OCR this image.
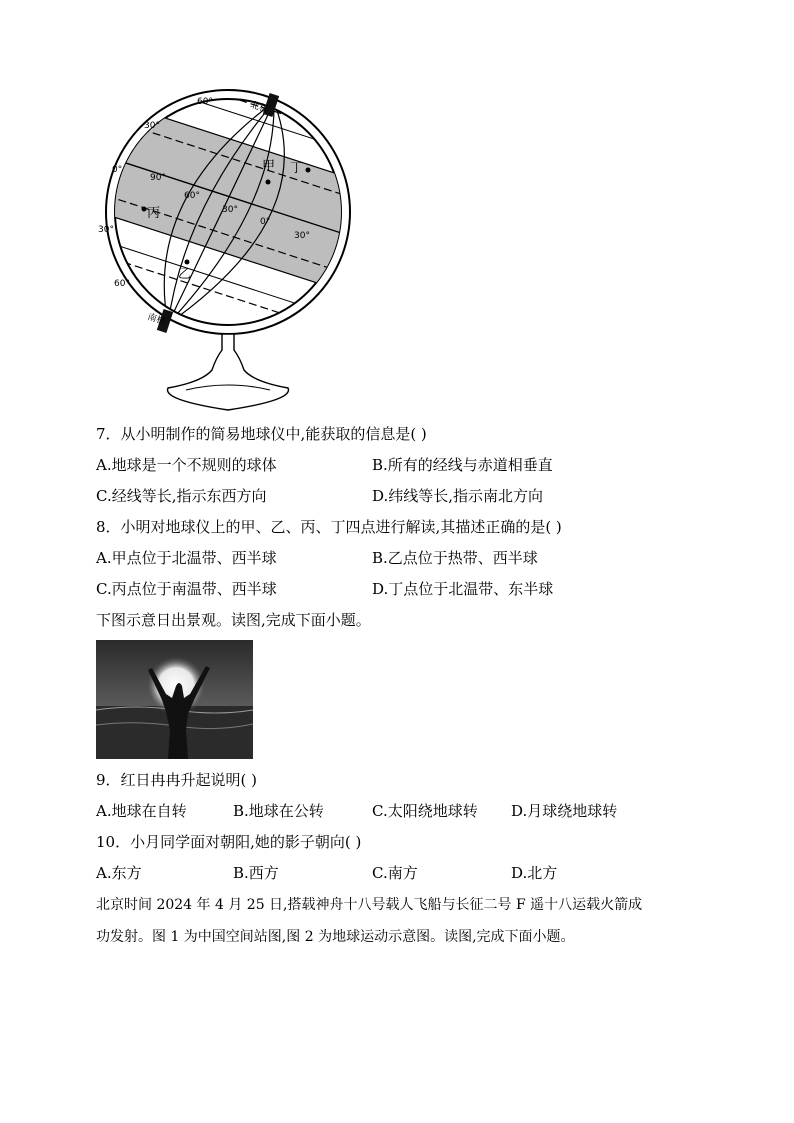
北极
南极
60°
30°
0°
30°
60°
90°
60°
30°
0°
30°
甲
乙
丙
丁
7．从小明制作的简易地球仪中,能获取的信息是( )
A.地球是一个不规则的球体	B.所有的经线与赤道相垂直
C.经线等长,指示东西方向	D.纬线等长,指示南北方向
8．小明对地球仪上的甲、乙、丙、丁四点进行解读,其描述正确的是( )
A.甲点位于北温带、西半球	B.乙点位于热带、西半球
C.丙点位于南温带、西半球	D.丁点位于北温带、东半球
下图示意日出景观。读图,完成下面小题。
9．红日冉冉升起说明( )
A.地球在自转	B.地球在公转	C.太阳绕地球转 D.月球绕地球转
10．小月同学面对朝阳,她的影子朝向( )
A.东方	B.西方	C.南方	D.北方
北京时间 2024 年 4 月 25 日,搭载神舟十八号载人飞船与长征二号 F 遥十八运载火箭成
功发射。图 1 为中国空间站图,图 2 为地球运动示意图。读图,完成下面小题。
